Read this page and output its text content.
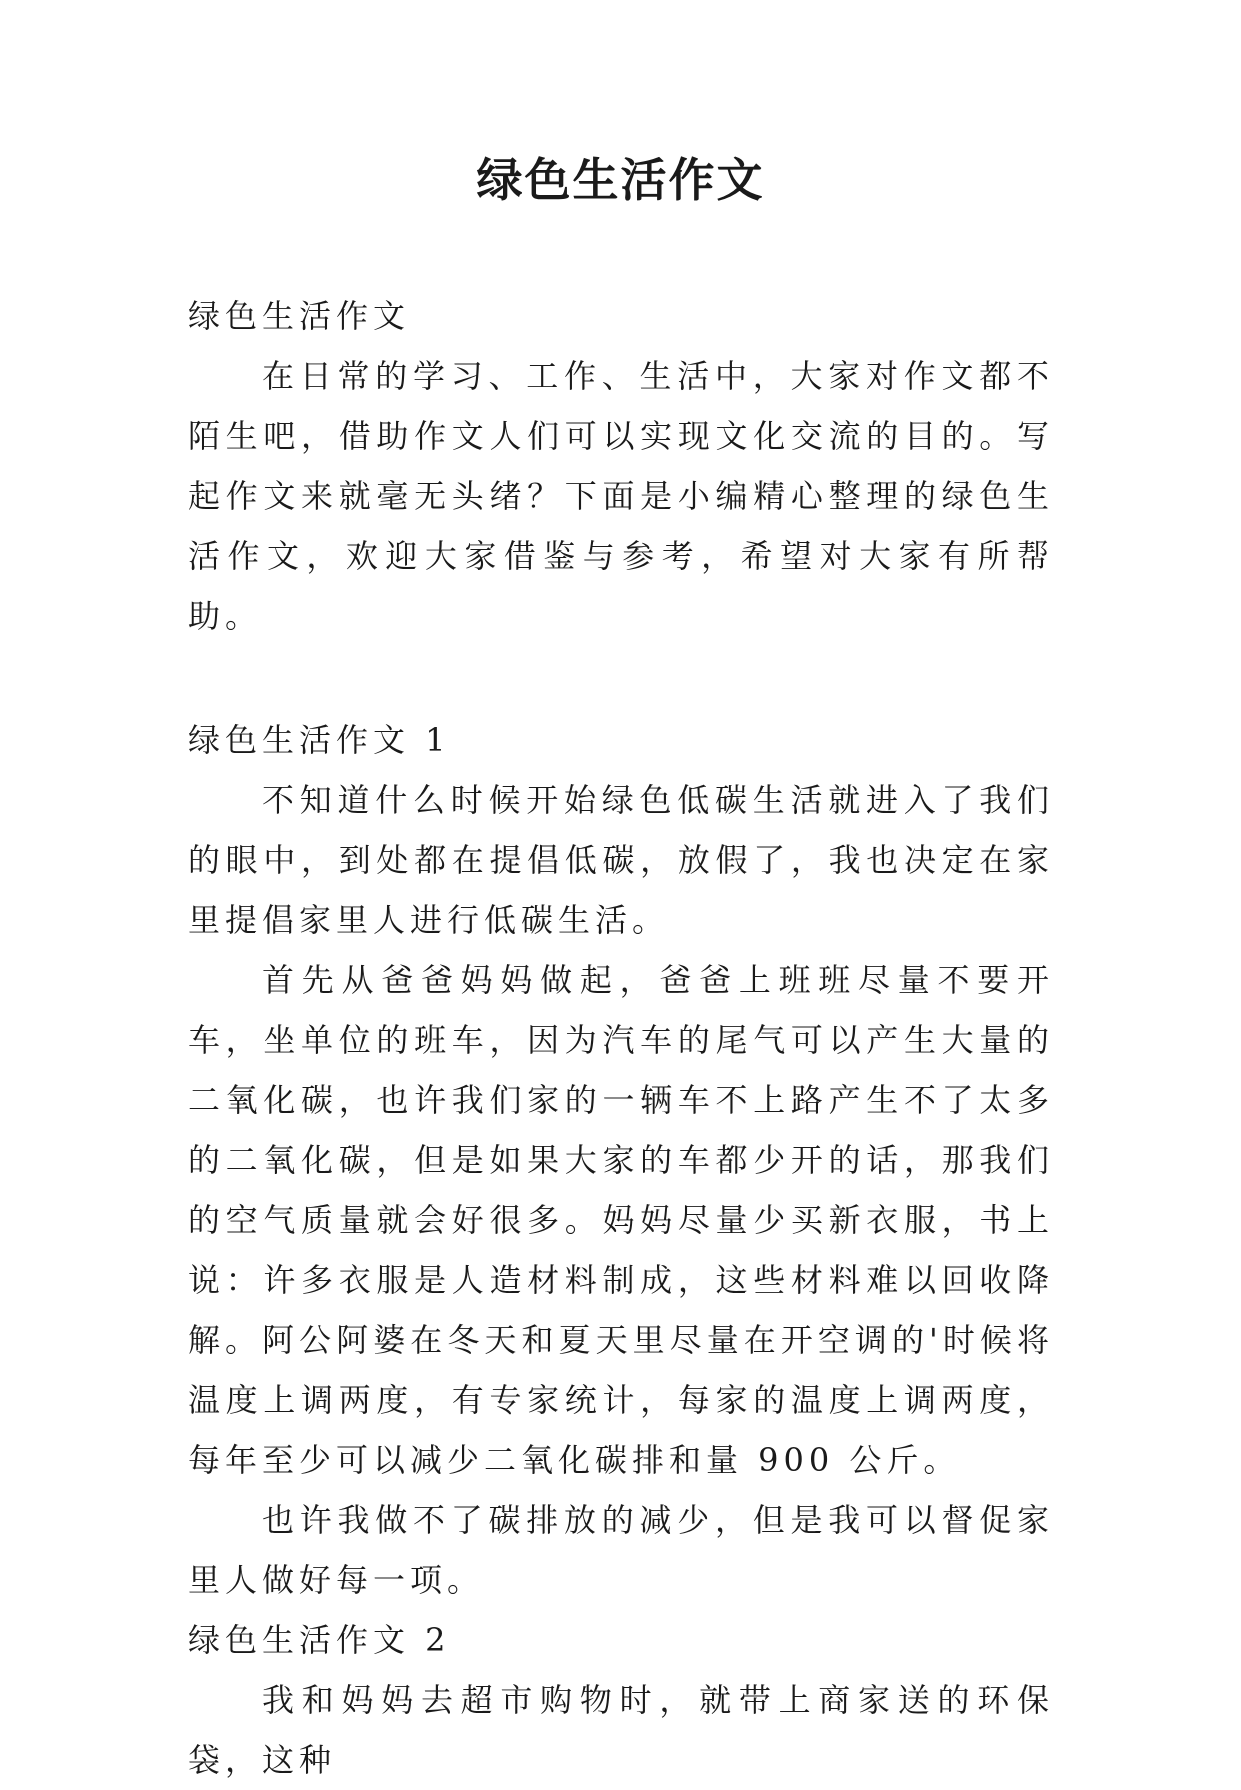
绿色生活作文

绿色生活作文

在日常的学习、工作、生活中，大家对作文都不陌生吧，借助作文人们可以实现文化交流的目的。写起作文来就毫无头绪？下面是小编精心整理的绿色生活作文，欢迎大家借鉴与参考，希望对大家有所帮助。

绿色生活作文 1

不知道什么时候开始绿色低碳生活就进入了我们的眼中，到处都在提倡低碳，放假了，我也决定在家里提倡家里人进行低碳生活。

首先从爸爸妈妈做起，爸爸上班班尽量不要开车，坐单位的班车，因为汽车的尾气可以产生大量的二氧化碳，也许我们家的一辆车不上路产生不了太多的二氧化碳，但是如果大家的车都少开的话，那我们的空气质量就会好很多。妈妈尽量少买新衣服，书上说：许多衣服是人造材料制成，这些材料难以回收降解。阿公阿婆在冬天和夏天里尽量在开空调的'时候将温度上调两度，有专家统计，每家的温度上调两度，每年至少可以减少二氧化碳排和量 900 公斤。

也许我做不了碳排放的减少，但是我可以督促家里人做好每一项。

绿色生活作文 2

我和妈妈去超市购物时，就带上商家送的环保袋，这种
